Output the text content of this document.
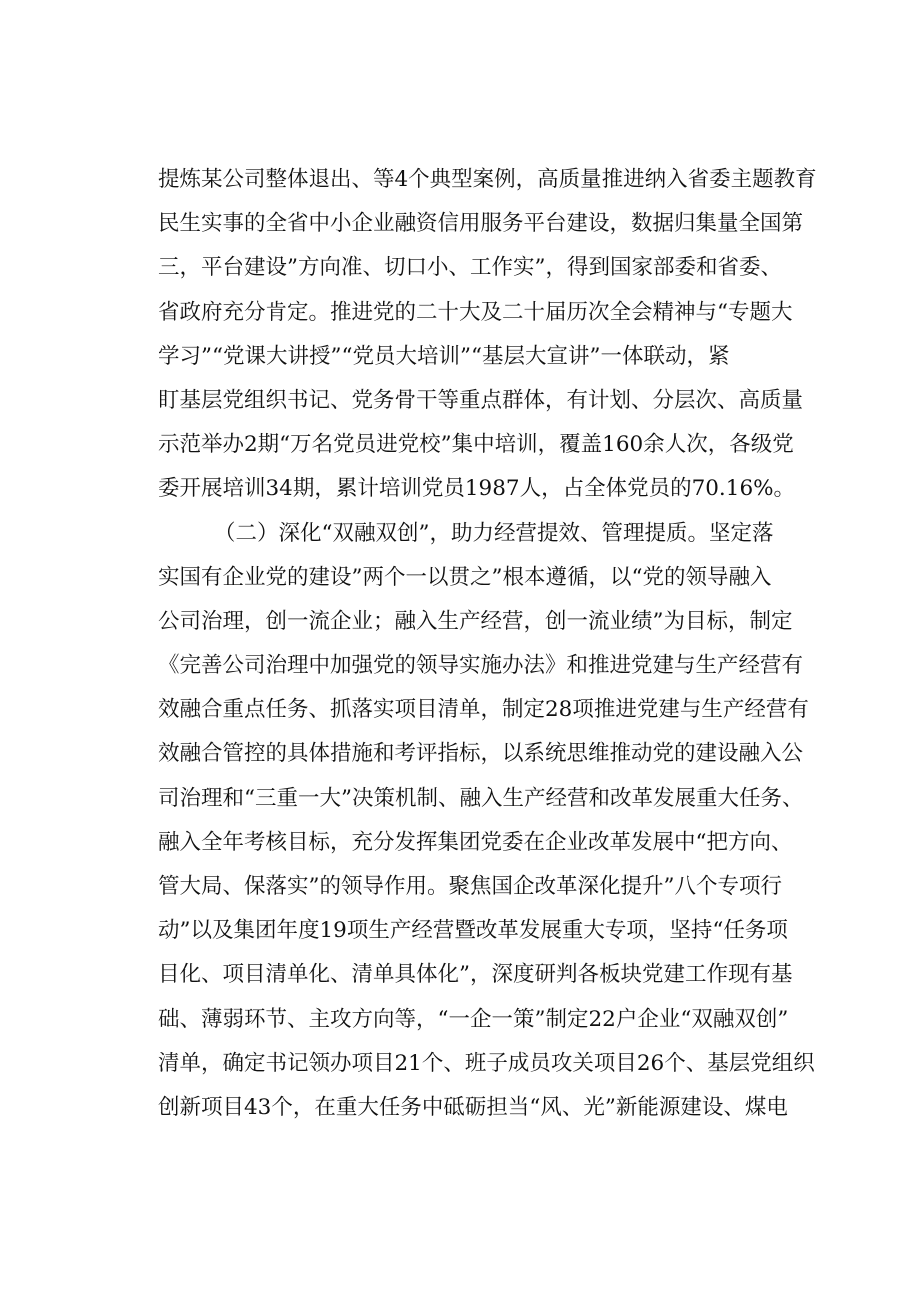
提炼某公司整体退出、等4个典型案例，高质量推进纳入省委主题教育
民生实事的全省中小企业融资信用服务平台建设，数据归集量全国第
三，平台建设”方向准、切口小、工作实”，得到国家部委和省委、
省政府充分肯定。推进党的二十大及二十届历次全会精神与“专题大
学习”“党课大讲授”“党员大培训”“基层大宣讲”一体联动，紧
盯基层党组织书记、党务骨干等重点群体，有计划、分层次、高质量
示范举办2期“万名党员进党校”集中培训，覆盖160余人次，各级党
委开展培训34期，累计培训党员1987人，占全体党员的70.16%。
（二）深化“双融双创”，助力经营提效、管理提质。坚定落
实国有企业党的建设”两个一以贯之”根本遵循，以“党的领导融入
公司治理，创一流企业；融入生产经营，创一流业绩”为目标，制定
《完善公司治理中加强党的领导实施办法》和推进党建与生产经营有
效融合重点任务、抓落实项目清单，制定28项推进党建与生产经营有
效融合管控的具体措施和考评指标，以系统思维推动党的建设融入公
司治理和“三重一大”决策机制、融入生产经营和改革发展重大任务、
融入全年考核目标，充分发挥集团党委在企业改革发展中“把方向、
管大局、保落实”的领导作用。聚焦国企改革深化提升”八个专项行
动”以及集团年度19项生产经营暨改革发展重大专项，坚持“任务项
目化、项目清单化、清单具体化”，深度研判各板块党建工作现有基
础、薄弱环节、主攻方向等，“一企一策”制定22户企业“双融双创”
清单，确定书记领办项目21个、班子成员攻关项目26个、基层党组织
创新项目43个，在重大任务中砥砺担当“风、光”新能源建设、煤电
